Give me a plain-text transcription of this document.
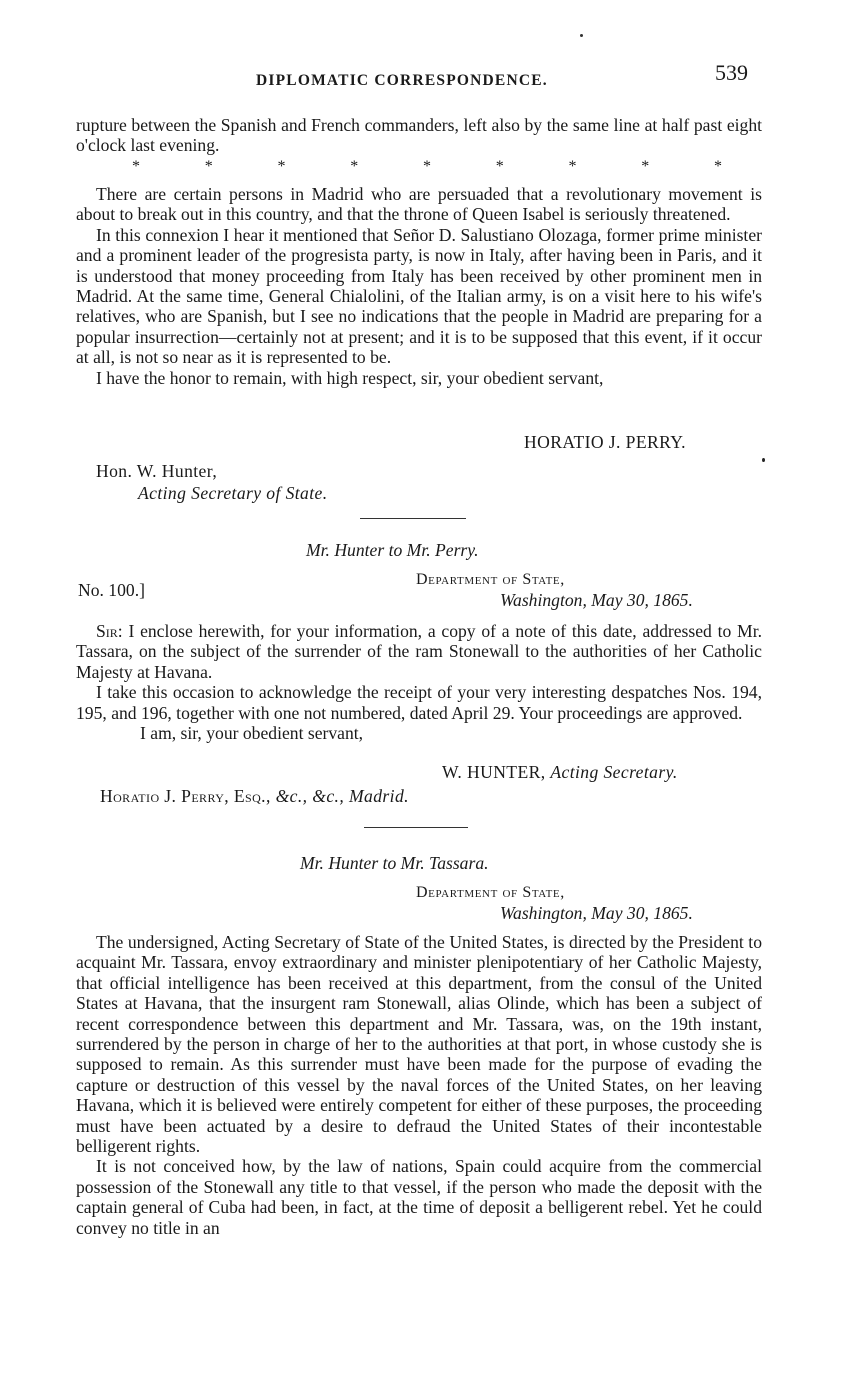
DIPLOMATIC CORRESPONDENCE.	539

rupture between the Spanish and French commanders, left also by the same line at half past eight o'clock last evening.

*	*	*	*	*	*	*	*	*

There are certain persons in Madrid who are persuaded that a revolutionary movement is about to break out in this country, and that the throne of Queen Isabel is seriously threatened.

In this connexion I hear it mentioned that Señor D. Salustiano Olozaga, former prime minister and a prominent leader of the progresista party, is now in Italy, after having been in Paris, and it is understood that money proceeding from Italy has been received by other prominent men in Madrid. At the same time, General Chialolini, of the Italian army, is on a visit here to his wife's relatives, who are Spanish, but I see no indications that the people in Madrid are preparing for a popular insurrection—certainly not at present; and it is to be supposed that this event, if it occur at all, is not so near as it is represented to be.

I have the honor to remain, with high respect, sir, your obedient servant,

HORATIO J. PERRY.
Hon. W. Hunter,
Acting Secretary of State.
Mr. Hunter to Mr. Perry.
No. 100.]
Department of State,
Washington, May 30, 1865.

Sir: I enclose herewith, for your information, a copy of a note of this date, addressed to Mr. Tassara, on the subject of the surrender of the ram Stonewall to the authorities of her Catholic Majesty at Havana.

I take this occasion to acknowledge the receipt of your very interesting despatches Nos. 194, 195, and 196, together with one not numbered, dated April 29. Your proceedings are approved.

I am, sir, your obedient servant,

W. HUNTER, Acting Secretary.
Horatio J. Perry, Esq., &c., &c., Madrid.
Mr. Hunter to Mr. Tassara.
Department of State,
Washington, May 30, 1865.

The undersigned, Acting Secretary of State of the United States, is directed by the President to acquaint Mr. Tassara, envoy extraordinary and minister plenipotentiary of her Catholic Majesty, that official intelligence has been received at this department, from the consul of the United States at Havana, that the insurgent ram Stonewall, alias Olinde, which has been a subject of recent correspondence between this department and Mr. Tassara, was, on the 19th instant, surrendered by the person in charge of her to the authorities at that port, in whose custody she is supposed to remain. As this surrender must have been made for the purpose of evading the capture or destruction of this vessel by the naval forces of the United States, on her leaving Havana, which it is believed were entirely competent for either of these purposes, the proceeding must have been actuated by a desire to defraud the United States of their incontestable belligerent rights.

It is not conceived how, by the law of nations, Spain could acquire from the commercial possession of the Stonewall any title to that vessel, if the person who made the deposit with the captain general of Cuba had been, in fact, at the time of deposit a belligerent rebel. Yet he could convey no title in an
